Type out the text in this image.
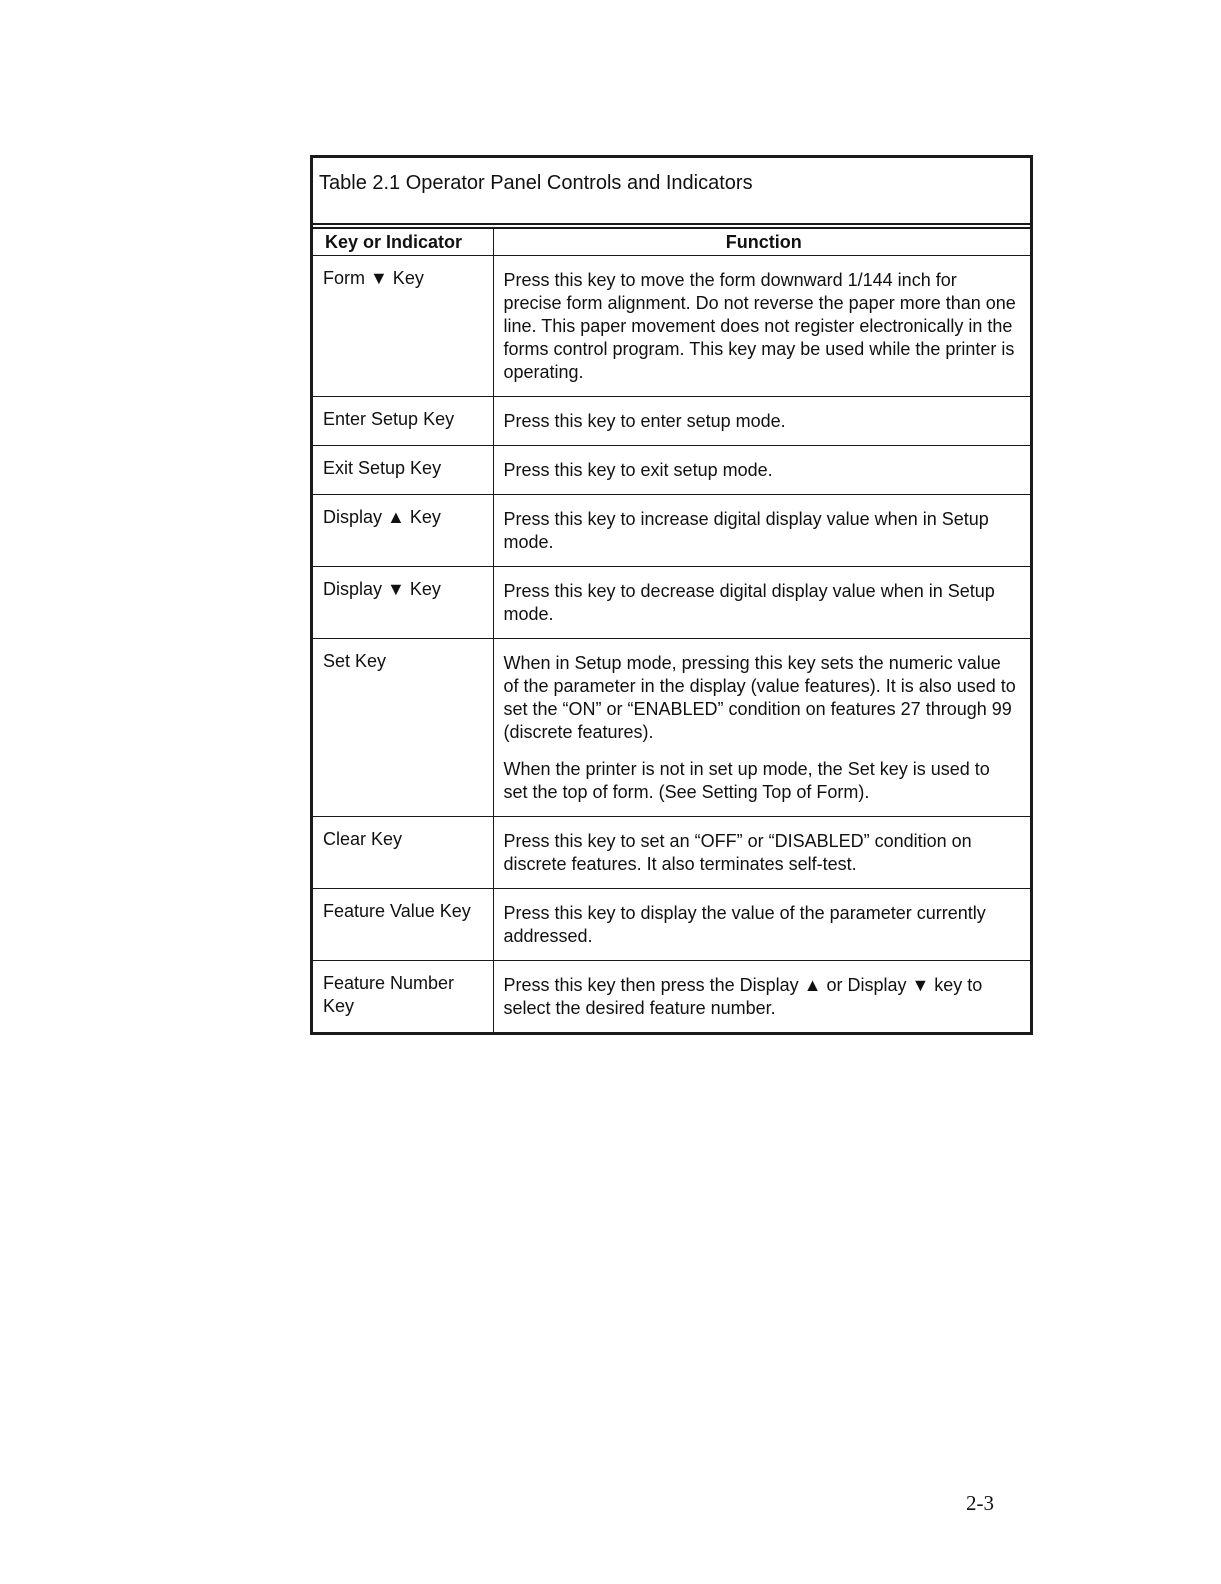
Table 2.1 Operator Panel Controls and Indicators
Key or Indicator	Function
Form ▼ Key	Press this key to move the form downward 1/144 inch for precise form alignment. Do not reverse the paper more than one line. This paper movement does not register electronically in the forms control program. This key may be used while the printer is operating.
Enter Setup Key	Press this key to enter setup mode.
Exit Setup Key	Press this key to exit setup mode.
Display ▲ Key	Press this key to increase digital display value when in Setup mode.
Display ▼ Key	Press this key to decrease digital display value when in Setup mode.
Set Key	When in Setup mode, pressing this key sets the numeric value of the parameter in the display (value features). It is also used to set the “ON” or “ENABLED” condition on features 27 through 99 (discrete features).
When the printer is not in set up mode, the Set key is used to set the top of form. (See Setting Top of Form).

Clear Key	Press this key to set an “OFF” or “DISABLED” condition on discrete features. It also terminates self-test.
Feature Value Key	Press this key to display the value of the parameter currently addressed.
Feature Number Key	Press this key then press the Display ▲ or Display ▼ key to select the desired feature number.
2-3
